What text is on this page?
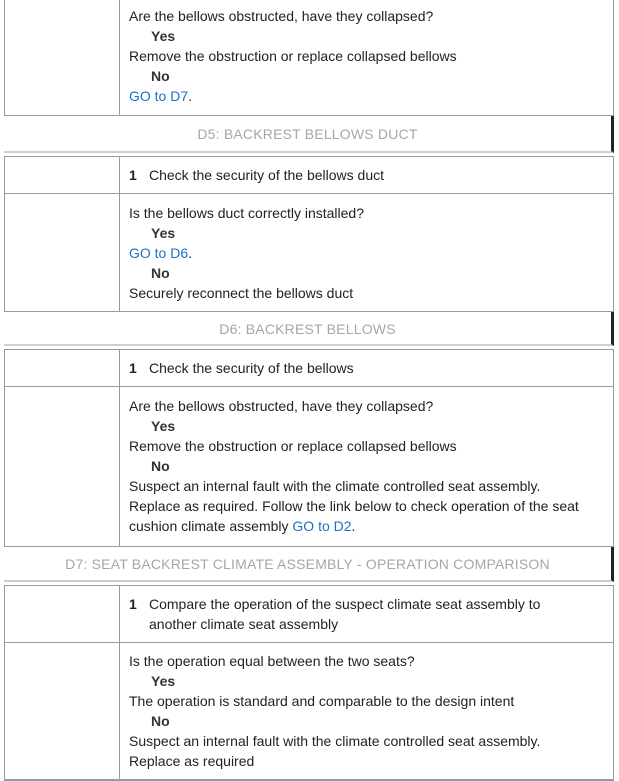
Are the bellows obstructed, have they collapsed?
Yes
Remove the obstruction or replace collapsed bellows
No
GO to D7.
D5: BACKREST BELLOWS DUCT
1 Check the security of the bellows duct
Is the bellows duct correctly installed?
Yes
GO to D6.
No
Securely reconnect the bellows duct
D6: BACKREST BELLOWS
1 Check the security of the bellows
Are the bellows obstructed, have they collapsed?
Yes
Remove the obstruction or replace collapsed bellows
No
Suspect an internal fault with the climate controlled seat assembly.
Replace as required. Follow the link below to check operation of the seat
cushion climate assembly GO to D2.
D7: SEAT BACKREST CLIMATE ASSEMBLY - OPERATION COMPARISON
1 Compare the operation of the suspect climate seat assembly to
another climate seat assembly
Is the operation equal between the two seats?
Yes
The operation is standard and comparable to the design intent
No
Suspect an internal fault with the climate controlled seat assembly.
Replace as required
